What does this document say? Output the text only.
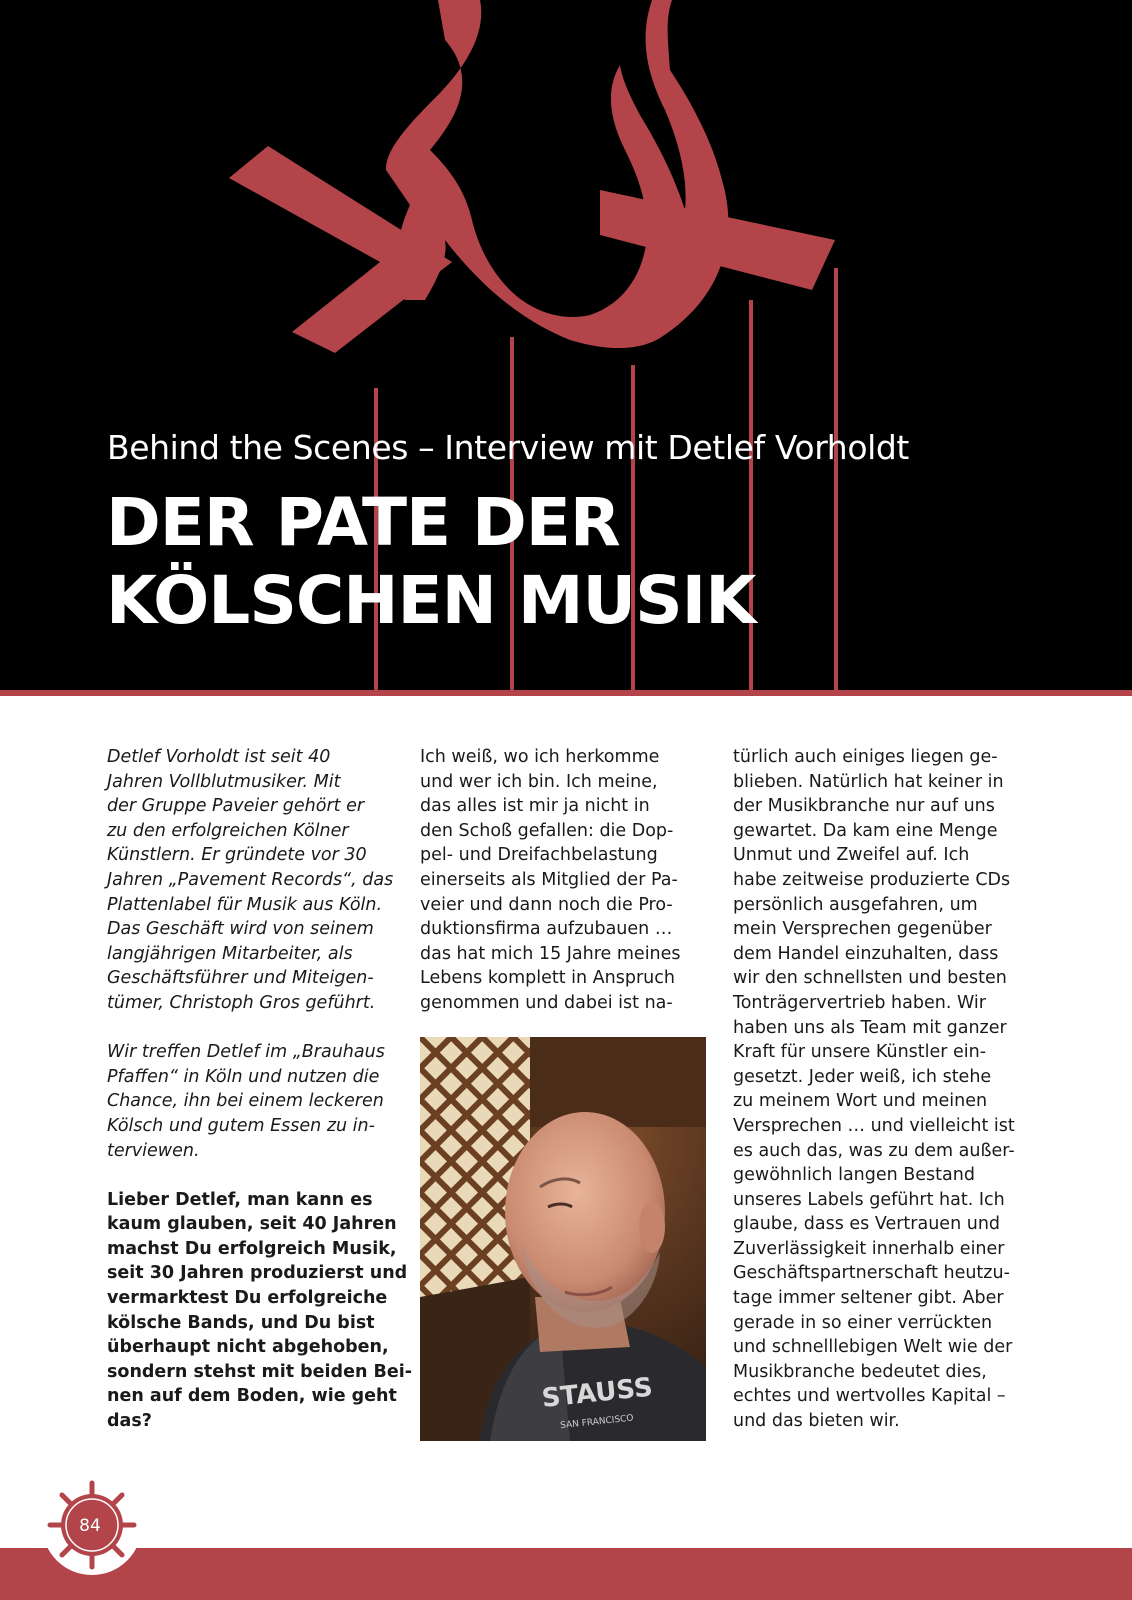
Behind the Scenes – Interview mit Detlef Vorholdt
DER PATE DER
KÖLSCHEN MUSIK

Detlef Vorholdt ist seit 40
Jahren Vollblutmusiker. Mit
der Gruppe Paveier gehört er
zu den erfolgreichen Kölner
Künstlern. Er gründete vor 30
Jahren „Pavement Records“, das
Plattenlabel für Musik aus Köln.
Das Geschäft wird von seinem
langjährigen Mitarbeiter, als
Geschäftsführer und Miteigen-
tümer, Christoph Gros geführt.

Wir treffen Detlef im „Brauhaus
Pfaffen“ in Köln und nutzen die
Chance, ihn bei einem leckeren
Kölsch und gutem Essen zu in-
terviewen.

Lieber Detlef, man kann es
kaum glauben, seit 40 Jahren
machst Du erfolgreich Musik,
seit 30 Jahren produzierst und
vermarktest Du erfolgreiche
kölsche Bands, und Du bist
überhaupt nicht abgehoben,
sondern stehst mit beiden Bei-
nen auf dem Boden, wie geht
das?

Ich weiß, wo ich herkomme
und wer ich bin. Ich meine,
das alles ist mir ja nicht in
den Schoß gefallen: die Dop-
pel- und Dreifachbelastung
einerseits als Mitglied der Pa-
veier und dann noch die Pro-
duktionsfirma aufzubauen …
das hat mich 15 Jahre meines
Lebens komplett in Anspruch
genommen und dabei ist na-

STAUSS
SAN FRANCISCO

türlich auch einiges liegen ge-
blieben. Natürlich hat keiner in
der Musikbranche nur auf uns
gewartet. Da kam eine Menge
Unmut und Zweifel auf. Ich
habe zeitweise produzierte CDs
persönlich ausgefahren, um
mein Versprechen gegenüber
dem Handel einzuhalten, dass
wir den schnellsten und besten
Tonträgervertrieb haben. Wir
haben uns als Team mit ganzer
Kraft für unsere Künstler ein-
gesetzt. Jeder weiß, ich stehe
zu meinem Wort und meinen
Versprechen … und vielleicht ist
es auch das, was zu dem außer-
gewöhnlich langen Bestand
unseres Labels geführt hat. Ich
glaube, dass es Vertrauen und
Zuverlässigkeit innerhalb einer
Geschäftspartnerschaft heutzu-
tage immer seltener gibt. Aber
gerade in so einer verrückten
und schnelllebigen Welt wie der
Musikbranche bedeutet dies,
echtes und wertvolles Kapital –
und das bieten wir.

84
